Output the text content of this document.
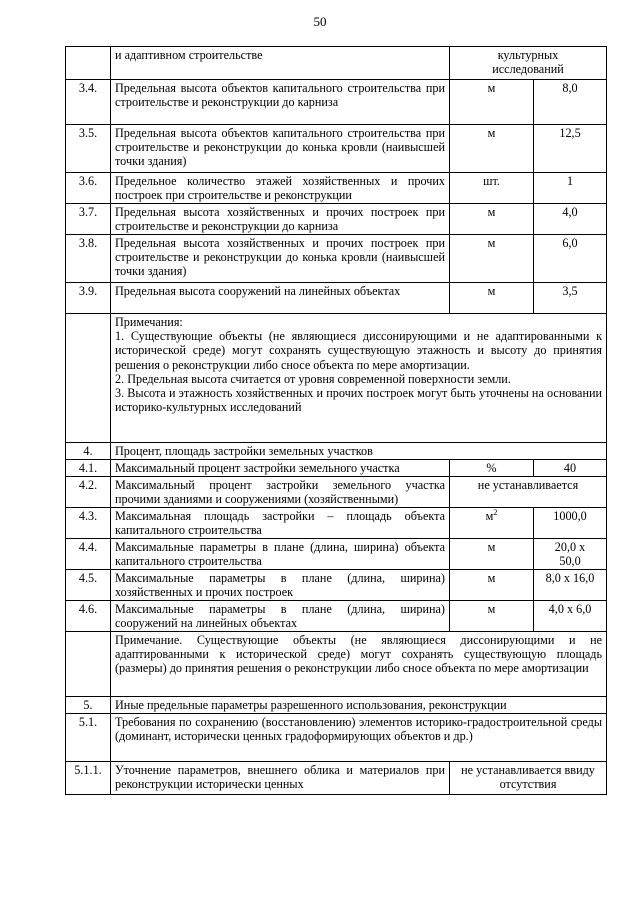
50
	и адаптивном строительстве	культурных исследований	
3.4.	Предельная высота объектов капитального строительства при строительстве и реконструкции до карниза	м	8,0
3.5.	Предельная высота объектов капитального строительства при строительстве и реконструкции до конька кровли (наивысшей точки здания)	м	12,5
3.6.	Предельное количество этажей хозяйственных и прочих построек при строительстве и реконструкции	шт.	1
3.7.	Предельная высота хозяйственных и прочих построек при строительстве и реконструкции до карниза	м	4,0
3.8.	Предельная высота хозяйственных и прочих построек при строительстве и реконструкции до конька кровли (наивысшей точки здания)	м	6,0
3.9.	Предельная высота сооружений на линейных объектах	м	3,5

	Примечания:

1. Существующие объекты (не являющиеся диссонирующими и не адаптированными к исторической среде) могут сохранять существующую этажность и высоту до принятия решения о реконструкции либо сносе объекта по мере амортизации.

2. Предельная высота считается от уровня современной поверхности земли.

3. Высота и этажность хозяйственных и прочих построек могут быть уточнены на основании историко-культурных исследований		

4.	Процент, площадь застройки земельных участков		
4.1.	Максимальный процент застройки земельного участка	%	40
4.2.	Максимальный процент застройки земельного участка прочими зданиями и сооружениями (хозяйственными)	не устанавливается	
4.3.	Максимальная площадь застройки – площадь объекта капитального строительства	$м^2$	1000,0
4.4.	Максимальные параметры в плане (длина, ширина) объекта капитального строительства	м	20,0 х 50,0
4.5.	Максимальные параметры в плане (длина, ширина) хозяйственных и прочих построек	м	8,0 х 16,0
4.6.	Максимальные параметры в плане (длина, ширина) сооружений на линейных объектах	м	4,0 х 6,0

	Примечание. Существующие объекты (не являющиеся диссонирующими и не адаптированными к исторической среде) могут сохранять существующую площадь (размеры) до принятия решения о реконструкции либо сносе объекта по мере амортизации		

5.	Иные предельные параметры разрешенного использования, реконструкции		
5.1.	Требования по сохранению (восстановлению) элементов историко-градостроительной среды (доминант, исторически ценных градоформирующих объектов и др.)		
5.1.1.	Уточнение параметров, внешнего облика и материалов при реконструкции исторически ценных	не устанавливается ввиду отсутствия	
